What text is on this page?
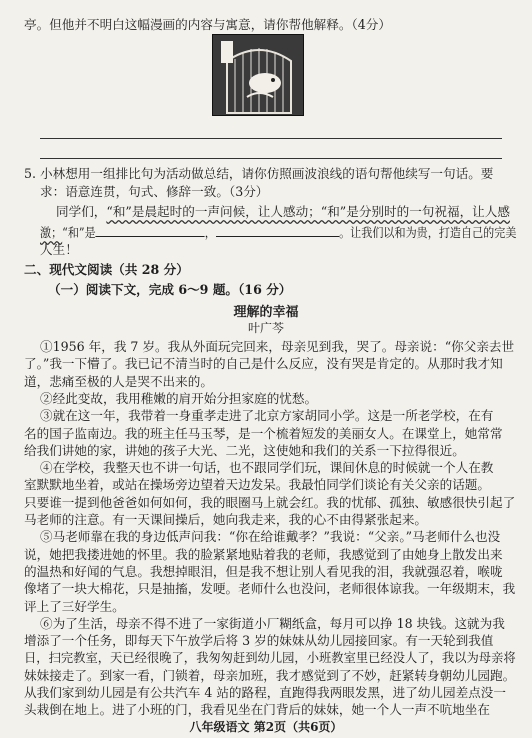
亭。但他并不明白这幅漫画的内容与寓意，请你帮他解释。（4分）
5. 小林想用一组排比句为活动做总结，请你仿照画波浪线的语句帮他续写一句话。要
求：语意连贯，句式、修辞一致。（3分）
同学们，“和”是晨起时的一声问候，让人感动；“和”是分别时的一句祝福，让人感
激；“和”是	，	。让我们以和为贵，打造自己的完美
人生！
二、现代文阅读（共 28 分）
（一）阅读下文，完成 6～9 题。（16 分）
理解的幸福
叶广芩
①1956 年，我 7 岁。我从外面玩完回来，母亲见到我，哭了。母亲说：“你父亲去世
了。”我一下懵了。我已记不清当时的自己是什么反应，没有哭是肯定的。从那时我才知
道，悲痛至极的人是哭不出来的。
②经此变故，我用稚嫩的肩开始分担家庭的忧愁。
③就在这一年，我带着一身重孝走进了北京方家胡同小学。这是一所老学校，在有
名的国子监南边。我的班主任马玉琴，是一个梳着短发的美丽女人。在课堂上，她常常
给我们讲她的家，讲她的孩子大光、二光，这使她和我们的关系一下拉得很近。
④在学校，我整天也不讲一句话，也不跟同学们玩，课间休息的时候就一个人在教
室默默地坐着，或站在操场旁边望着天边发呆。我最怕同学们谈论有关父亲的话题。
只要谁一提到他爸爸如何如何，我的眼圈马上就会红。我的忧郁、孤独、敏感很快引起了
马老师的注意。有一天课间操后，她向我走来，我的心不由得紧张起来。
⑤马老师靠在我的身边低声问我：“你在给谁戴孝？”我说：“父亲。”马老师什么也没
说，她把我搂进她的怀里。我的脸紧紧地贴着我的老师，我感觉到了由她身上散发出来
的温热和好闻的气息。我想掉眼泪，但是我不想让别人看见我的泪，我就强忍着，喉咙
像堵了一块大棉花，只是抽搐，发哽。老师什么也没问，老师很体谅我。一年级期末，我
评上了三好学生。
⑥为了生活，母亲不得不进了一家街道小厂糊纸盒，每月可以挣 18 块钱。这就为我
增添了一个任务，即每天下午放学后将 3 岁的妹妹从幼儿园接回家。有一天轮到我值
日，扫完教室，天已经很晚了，我匆匆赶到幼儿园，小班教室里已经没人了，我以为母亲将
妹妹接走了。到家一看，门锁着，母亲加班，我才感觉到了不妙，赶紧转身朝幼儿园跑。
从我们家到幼儿园是有公共汽车 4 站的路程，直跑得我两眼发黑，进了幼儿园差点没一
八年级语文 第2页（共6页）
头栽倒在地上。进了小班的门，我看见坐在门背后的妹妹，她一个人一声不吭地坐在
